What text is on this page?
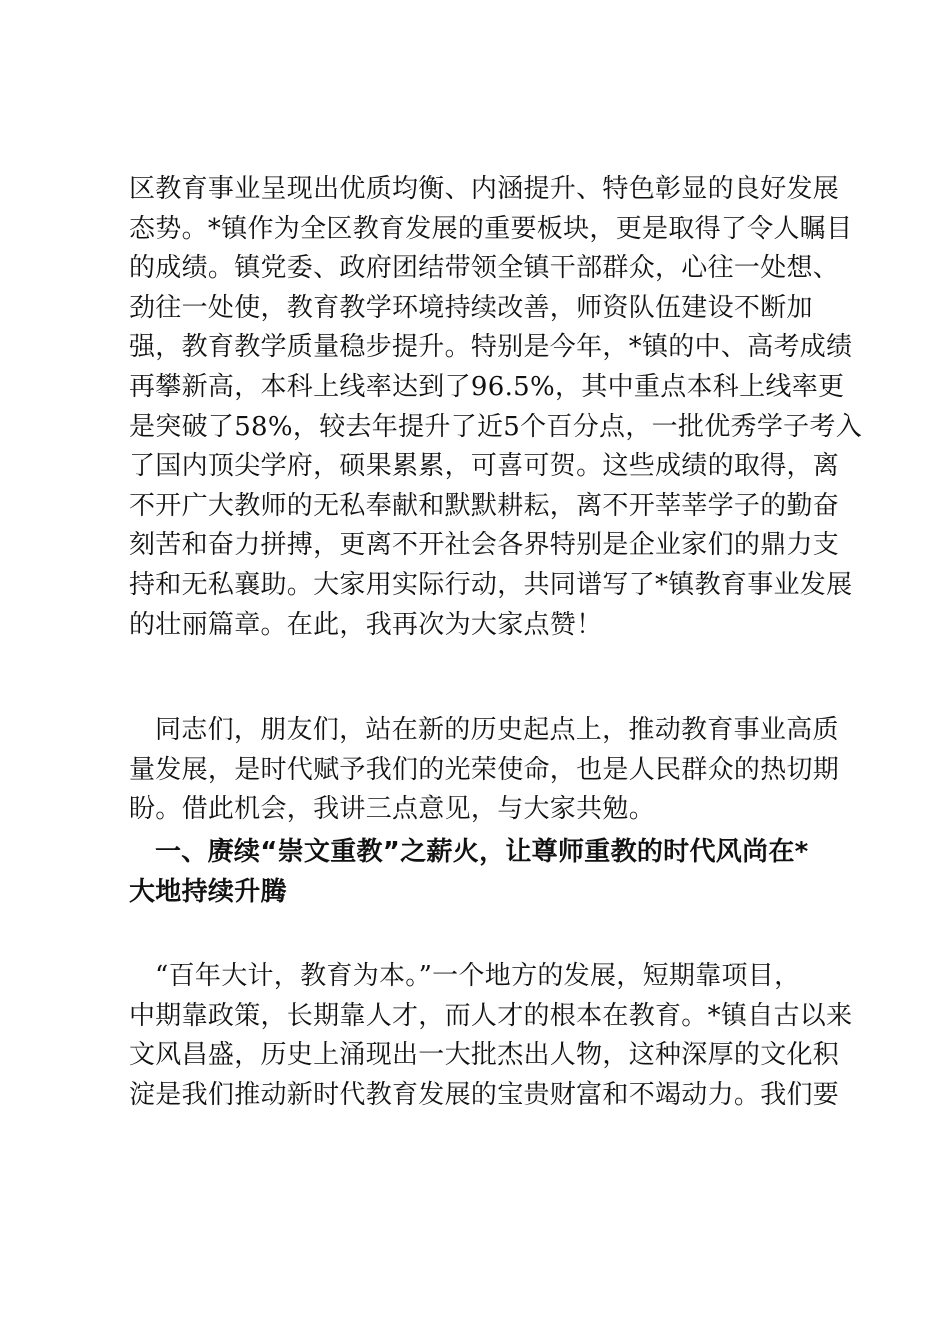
区教育事业呈现出优质均衡、内涵提升、特色彰显的良好发展
态势。*镇作为全区教育发展的重要板块，更是取得了令人瞩目
的成绩。镇党委、政府团结带领全镇干部群众，心往一处想、
劲往一处使，教育教学环境持续改善，师资队伍建设不断加
强，教育教学质量稳步提升。特别是今年，*镇的中、高考成绩
再攀新高，本科上线率达到了96.5%，其中重点本科上线率更
是突破了58%，较去年提升了近5个百分点，一批优秀学子考入
了国内顶尖学府，硕果累累，可喜可贺。这些成绩的取得，离
不开广大教师的无私奉献和默默耕耘，离不开莘莘学子的勤奋
刻苦和奋力拼搏，更离不开社会各界特别是企业家们的鼎力支
持和无私襄助。大家用实际行动，共同谱写了*镇教育事业发展
的壮丽篇章。在此，我再次为大家点赞！
同志们，朋友们，站在新的历史起点上，推动教育事业高质
量发展，是时代赋予我们的光荣使命，也是人民群众的热切期
盼。借此机会，我讲三点意见，与大家共勉。
一、赓续“崇文重教”之薪火，让尊师重教的时代风尚在*
大地持续升腾
“百年大计，教育为本。”一个地方的发展，短期靠项目，
中期靠政策，长期靠人才，而人才的根本在教育。*镇自古以来
文风昌盛，历史上涌现出一大批杰出人物，这种深厚的文化积
淀是我们推动新时代教育发展的宝贵财富和不竭动力。我们要
